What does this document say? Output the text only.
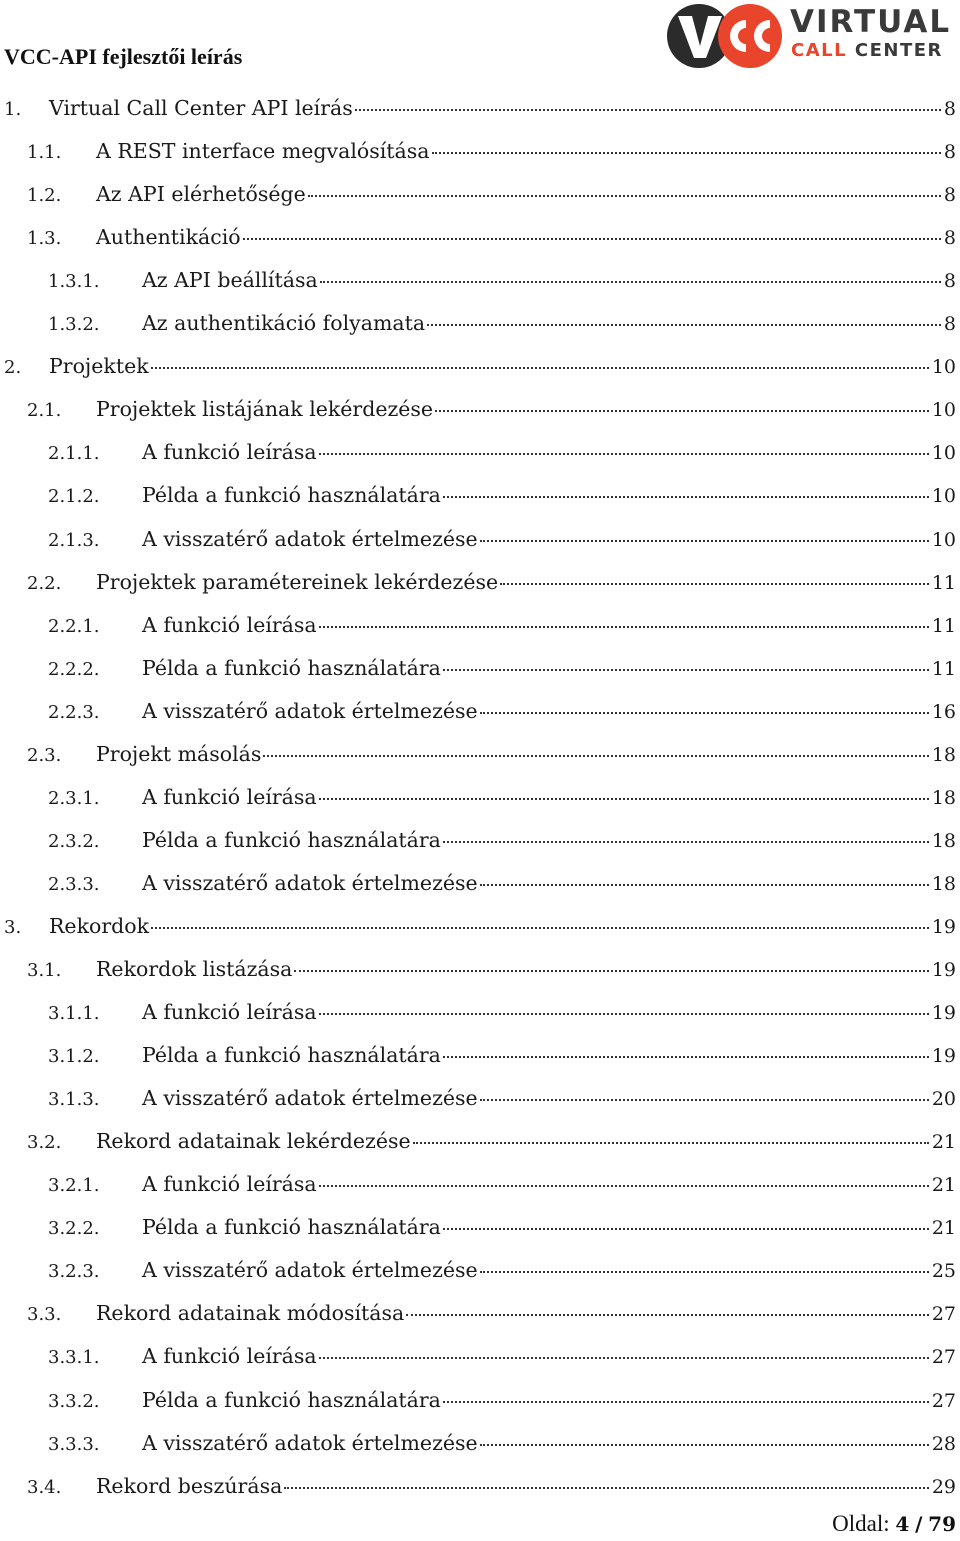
VCC-API fejlesztői leírás
VIRTUAL
CALL CENTER
1.	Virtual Call Center API leírás	8
1.1.	A REST interface megvalósítása	8
1.2.	Az API elérhetősége	8
1.3.	Authentikáció	8
1.3.1.	Az API beállítása	8
1.3.2.	Az authentikáció folyamata	8
2.	Projektek	10
2.1.	Projektek listájának lekérdezése	10
2.1.1.	A funkció leírása	10
2.1.2.	Példa a funkció használatára	10
2.1.3.	A visszatérő adatok értelmezése	10
2.2.	Projektek paramétereinek lekérdezése	11
2.2.1.	A funkció leírása	11
2.2.2.	Példa a funkció használatára	11
2.2.3.	A visszatérő adatok értelmezése	16
2.3.	Projekt másolás	18
2.3.1.	A funkció leírása	18
2.3.2.	Példa a funkció használatára	18
2.3.3.	A visszatérő adatok értelmezése	18
3.	Rekordok	19
3.1.	Rekordok listázása	19
3.1.1.	A funkció leírása	19
3.1.2.	Példa a funkció használatára	19
3.1.3.	A visszatérő adatok értelmezése	20
3.2.	Rekord adatainak lekérdezése	21
3.2.1.	A funkció leírása	21
3.2.2.	Példa a funkció használatára	21
3.2.3.	A visszatérő adatok értelmezése	25
3.3.	Rekord adatainak módosítása	27
3.3.1.	A funkció leírása	27
3.3.2.	Példa a funkció használatára	27
3.3.3.	A visszatérő adatok értelmezése	28
3.4.	Rekord beszúrása	29
Oldal: 4 / 79
